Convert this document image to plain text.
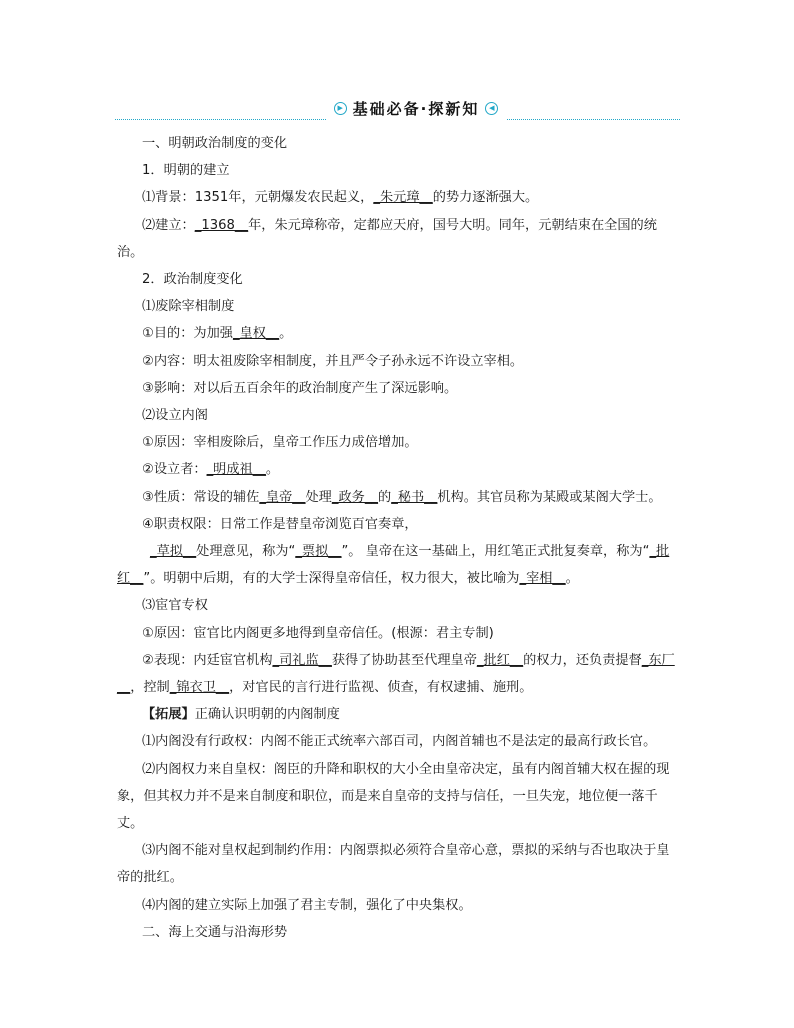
▶ 基础必备·探新知 ◀

一、明朝政治制度的变化

1．明朝的建立

⑴背景：1351年，元朝爆发农民起义，_朱元璋__的势力逐渐强大。

⑵建立：_1368__年，朱元璋称帝，定都应天府，国号大明。同年，元朝结束在全国的统治。

2．政治制度变化

⑴废除宰相制度

①目的：为加强_皇权__。

②内容：明太祖废除宰相制度，并且严令子孙永远不许设立宰相。

③影响：对以后五百余年的政治制度产生了深远影响。

⑵设立内阁

①原因：宰相废除后，皇帝工作压力成倍增加。

②设立者：_明成祖__。

③性质：常设的辅佐_皇帝__处理_政务__的_秘书__机构。其官员称为某殿或某阁大学士。

④职责权限：日常工作是替皇帝浏览百官奏章，

_草拟__处理意见，称为“_票拟__”。 皇帝在这一基础上，用红笔正式批复奏章，称为“_批红__”。明朝中后期，有的大学士深得皇帝信任，权力很大，被比喻为_宰相__。

⑶宦官专权

①原因：宦官比内阁更多地得到皇帝信任。(根源：君主专制)

②表现：内廷宦官机构_司礼监__获得了协助甚至代理皇帝_批红__的权力，还负责提督_东厂__，控制_锦衣卫__，对官民的言行进行监视、侦查，有权逮捕、施刑。

【拓展】正确认识明朝的内阁制度

⑴内阁没有行政权：内阁不能正式统率六部百司，内阁首辅也不是法定的最高行政长官。

⑵内阁权力来自皇权：阁臣的升降和职权的大小全由皇帝决定，虽有内阁首辅大权在握的现象，但其权力并不是来自制度和职位，而是来自皇帝的支持与信任，一旦失宠，地位便一落千丈。

⑶内阁不能对皇权起到制约作用：内阁票拟必须符合皇帝心意，票拟的采纳与否也取决于皇帝的批红。

⑷内阁的建立实际上加强了君主专制，强化了中央集权。

二、海上交通与沿海形势
